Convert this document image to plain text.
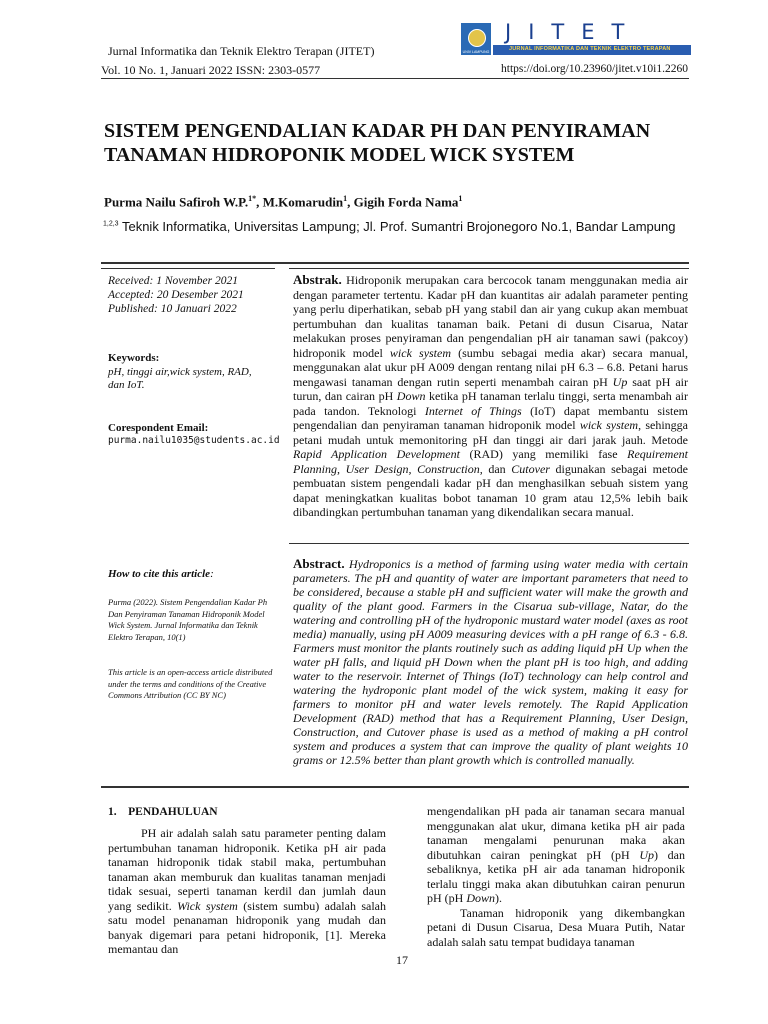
Jurnal Informatika dan Teknik Elektro Terapan (JITET)
Vol. 10 No. 1, Januari 2022 ISSN: 2303-0577	https://doi.org/10.23960/jitet.v10i1.2260
UNIV LAMPUNG
JITET
JURNAL INFORMATIKA DAN TEKNIK ELEKTRO TERAPAN
SISTEM PENGENDALIAN KADAR PH DAN PENYIRAMAN TANAMAN HIDROPONIK MODEL WICK SYSTEM
Purma Nailu Safiroh W.P.$^{1*}$, M.Komarudin$^1$, Gigih Forda Nama$^1$
$^{1,2,3}$ Teknik Informatika, Universitas Lampung; Jl. Prof. Sumantri Brojonegoro No.1, Bandar Lampung
Received: 1 November 2021
Accepted: 20 Desember 2021
Published: 10 Januari 2022
Keywords:
pH, tinggi air,wick system, RAD, dan IoT.
Corespondent Email:
purma.nailu1035@students.ac.id
How to cite this article:
Purma (2022). Sistem Pengendalian Kadar Ph Dan Penyiraman Tanaman Hidroponik Model Wick System. Jurnal Informatika dan Teknik Elektro Terapan, 10(1)
This article is an open-access article distributed under the terms and conditions of the Creative Commons Attribution (CC BY NC)
Abstrak. Hidroponik merupakan cara bercocok tanam menggunakan media air dengan parameter tertentu. Kadar pH dan kuantitas air adalah parameter penting yang perlu diperhatikan, sebab pH yang stabil dan air yang cukup akan membuat pertumbuhan dan kualitas tanaman baik. Petani di dusun Cisarua, Natar melakukan proses penyiraman dan pengendalian pH air tanaman sawi (pakcoy) hidroponik model wick system (sumbu sebagai media akar) secara manual, menggunakan alat ukur pH A009 dengan rentang nilai pH 6.3 – 6.8. Petani harus mengawasi tanaman dengan rutin seperti menambah cairan pH Up saat pH air turun, dan cairan pH Down ketika pH tanaman terlalu tinggi, serta menambah air pada tandon. Teknologi Internet of Things (IoT) dapat membantu sistem pengendalian dan penyiraman tanaman hidroponik model wick system, sehingga petani mudah untuk memonitoring pH dan tinggi air dari jarak jauh. Metode Rapid Application Development (RAD) yang memiliki fase Requirement Planning, User Design, Construction, dan Cutover digunakan sebagai metode pembuatan sistem pengendali kadar pH dan menghasilkan sebuah sistem yang dapat meningkatkan kualitas bobot tanaman 10 gram atau 12,5% lebih baik dibandingkan pertumbuhan tanaman yang dikendalikan secara manual.
Abstract. Hydroponics is a method of farming using water media with certain parameters. The pH and quantity of water are important parameters that need to be considered, because a stable pH and sufficient water will make the growth and quality of the plant good. Farmers in the Cisarua sub-village, Natar, do the watering and controlling pH of the hydroponic mustard water model (axes as root media) manually, using pH A009 measuring devices with a pH range of 6.3 - 6.8. Farmers must monitor the plants routinely such as adding liquid pH Up when the water pH falls, and liquid pH Down when the plant pH is too high, and adding water to the reservoir. Internet of Things (IoT) technology can help control and watering the hydroponic plant model of the wick system, making it easy for farmers to monitor pH and water levels remotely. The Rapid Application Development (RAD) method that has a Requirement Planning, User Design, Construction, and Cutover phase is used as a method of making a pH control system and produces a system that can improve the quality of plant weights 10 grams or 12.5% better than plant growth which is controlled manually.
1.    PENDAHULUAN

PH air adalah salah satu parameter penting dalam pertumbuhan tanaman hidroponik. Ketika pH air pada tanaman hidroponik tidak stabil maka, pertumbuhan tanaman akan memburuk dan kualitas tanaman menjadi tidak sesuai, seperti tanaman kerdil dan jumlah daun yang sedikit. Wick system (sistem sumbu) adalah salah satu model penanaman hidroponik yang mudah dan banyak digemari para petani hidroponik, [1]. Mereka memantau dan

mengendalikan pH pada air tanaman secara manual menggunakan alat ukur, dimana ketika pH air pada tanaman mengalami penurunan maka akan dibutuhkan cairan peningkat pH (pH Up) dan sebaliknya, ketika pH air ada tanaman hidroponik terlalu tinggi maka akan dibutuhkan cairan penurun pH (pH Down).

Tanaman hidroponik yang dikembangkan petani di Dusun Cisarua, Desa Muara Putih, Natar adalah salah satu tempat budidaya tanaman

17
